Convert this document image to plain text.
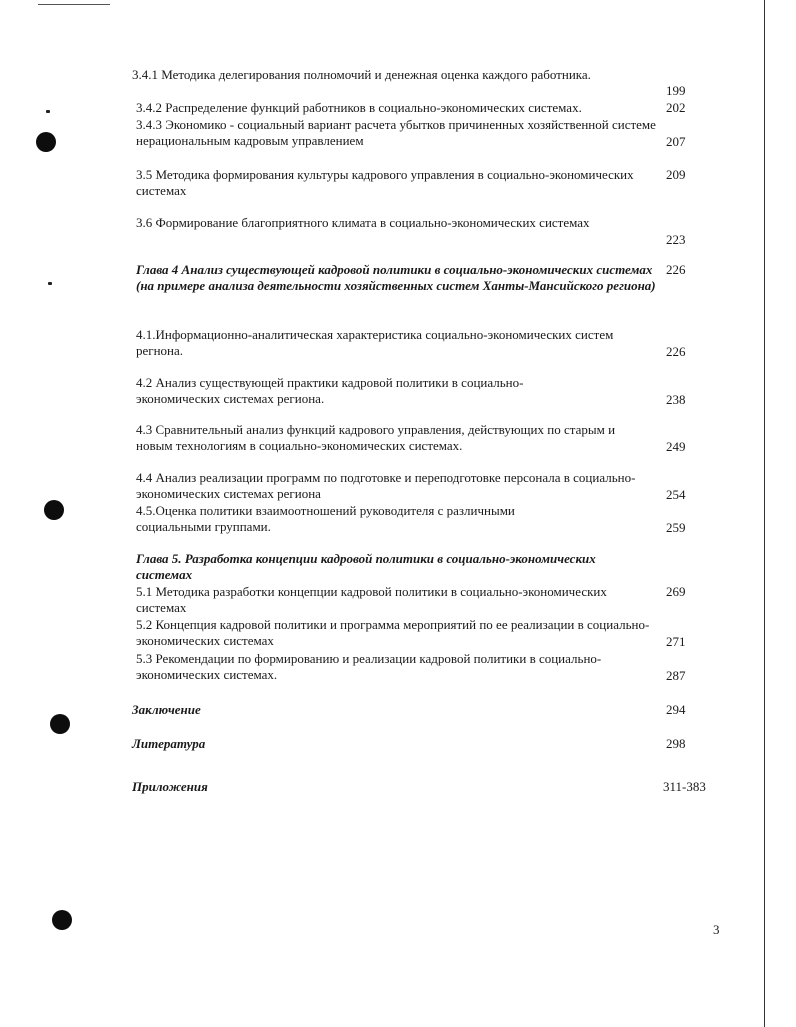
3.4.1 Методика делегирования полномочий и денежная оценка каждого работника.
199
3.4.2 Распределение функций работников в социально-экономических системах.	202
3.4.3 Экономико - социальный вариант расчета убытков причиненных хозяйственной системе нерациональным кадровым управлением	207
3.5 Методика формирования культуры кадрового управления в социально-экономических системах
209
3.6 Формирование благоприятного климата в социально-экономических системах
223
Глава 4 Анализ существующей кадровой политики в социально-экономических системах (на примере анализа деятельности хозяйственных систем Ханты-Мансийского региона)
226
4.1.Информационно-аналитическая характеристика социально-экономических систем регнона.	226
4.2 Анализ существующей практики кадровой политики в социально-экономических системах региона.	238
4.3 Сравнительный анализ функций кадрового управления, действующих по старым и новым технологиям в социально-экономических системах.	249
4.4 Анализ реализации программ по подготовке и переподготовке персонала в социально-экономических системах региона	254
4.5.Оценка политики взаимоотношений руководителя с различными социальными группами.	259
Глава 5. Разработка концепции кадровой политики в социально-экономических системах
5.1 Методика разработки концепции кадровой политики в социально-экономических системах
269
5.2 Концепция кадровой политики и программа мероприятий по ее реализации в социально-экономических системах	271
5.3 Рекомендации по формированию и реализации кадровой политики в социально-экономических системах.	287
Заключение	294
Литература	298
Приложения	311-383
3
